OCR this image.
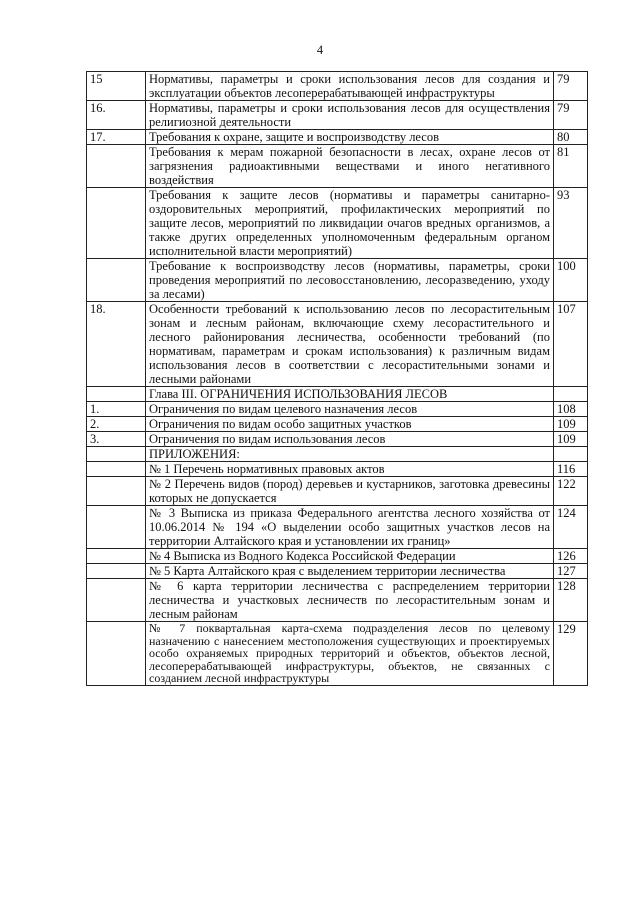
4
15	Нормативы, параметры и сроки использования лесов для создания и эксплуатации объектов лесоперерабатывающей инфраструктуры	79
16.	Нормативы, параметры и сроки использования лесов для осуществления религиозной деятельности	79
17.	Требования к охране, защите и воспроизводству лесов	80
	Требования к мерам пожарной безопасности в лесах, охране лесов от загрязнения радиоактивными веществами и иного негативного воздействия	81
	Требования к защите лесов (нормативы и параметры санитарно-оздоровительных мероприятий, профилактических мероприятий по защите лесов, мероприятий по ликвидации очагов вредных организмов, а также других определенных уполномоченным федеральным органом исполнительной власти мероприятий)	93
	Требование к воспроизводству лесов (нормативы, параметры, сроки проведения мероприятий по лесовосстановлению, лесоразведению, уходу за лесами)	100
18.	Особенности требований к использованию лесов по лесорастительным зонам и лесным районам, включающие схему лесорастительного и лесного районирования лесничества, особенности требований (по нормативам, параметрам и срокам использования) к различным видам использования лесов в соответствии с лесорастительными зонами и лесными районами	107
	Глава III. ОГРАНИЧЕНИЯ ИСПОЛЬЗОВАНИЯ ЛЕСОВ	
1.	Ограничения по видам целевого назначения лесов	108
2.	Ограничения по видам особо защитных участков	109
3.	Ограничения по видам использования лесов	109
	ПРИЛОЖЕНИЯ:	
	№ 1 Перечень нормативных правовых актов	116
	№ 2 Перечень видов (пород) деревьев и кустарников, заготовка древесины которых не допускается	122
	№ 3 Выписка из приказа Федерального агентства лесного хозяйства от 10.06.2014 № 194 «О выделении особо защитных участков лесов на территории Алтайского края и установлении их границ»	124
	№ 4 Выписка из Водного Кодекса Российской Федерации	126
	№ 5 Карта Алтайского края с выделением территории лесничества	127
	№ 6 карта территории лесничества с распределением территории лесничества и участковых лесничеств по лесорастительным зонам и лесным районам	128
	№ 7 поквартальная карта-схема подразделения лесов по целевому назначению с нанесением местоположения существующих и проектируемых особо охраняемых природных территорий и объектов, объектов лесной, лесоперерабатывающей инфраструктуры, объектов, не связанных с созданием лесной инфраструктуры	129
